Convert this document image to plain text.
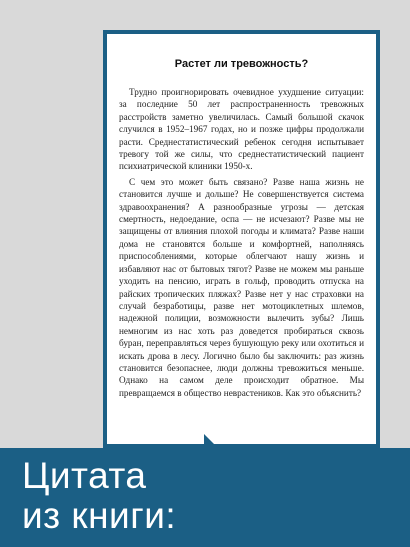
Растет ли тревожность?

Трудно проигнорировать очевидное ухудшение ситуации: за последние 50 лет распространенность тревожных расстройств заметно увеличилась. Самый большой скачок случился в 1952–1967 годах, но и позже цифры продолжали расти. Среднестатистический ребенок сегодня испытывает тревогу той же силы, что среднестатистический пациент психиатрической клиники 1950-х.

С чем это может быть связано? Разве наша жизнь не становится лучше и дольше? Не совершенствуется система здравоохранения? А разнообразные угрозы — детская смертность, недоедание, оспа — не исчезают? Разве мы не защищены от влияния плохой погоды и климата? Разве наши дома не становятся больше и комфортней, наполняясь приспособлениями, которые облегчают нашу жизнь и избавляют нас от бытовых тягот? Разве не можем мы раньше уходить на пенсию, играть в гольф, проводить отпуска на райских тропических пляжах? Разве нет у нас страховки на случай безработицы, разве нет мотоциклетных шлемов, надежной полиции, возможности вылечить зубы? Лишь немногим из нас хоть раз доведется пробираться сквозь буран, переправляться через бушующую реку или охотиться и искать дрова в лесу. Логично было бы заключить: раз жизнь становится безопаснее, люди должны тревожиться меньше. Однако на самом деле происходит обратное. Мы превращаемся в общество неврастеников. Как это объяснить?

Цитата
из книги:
